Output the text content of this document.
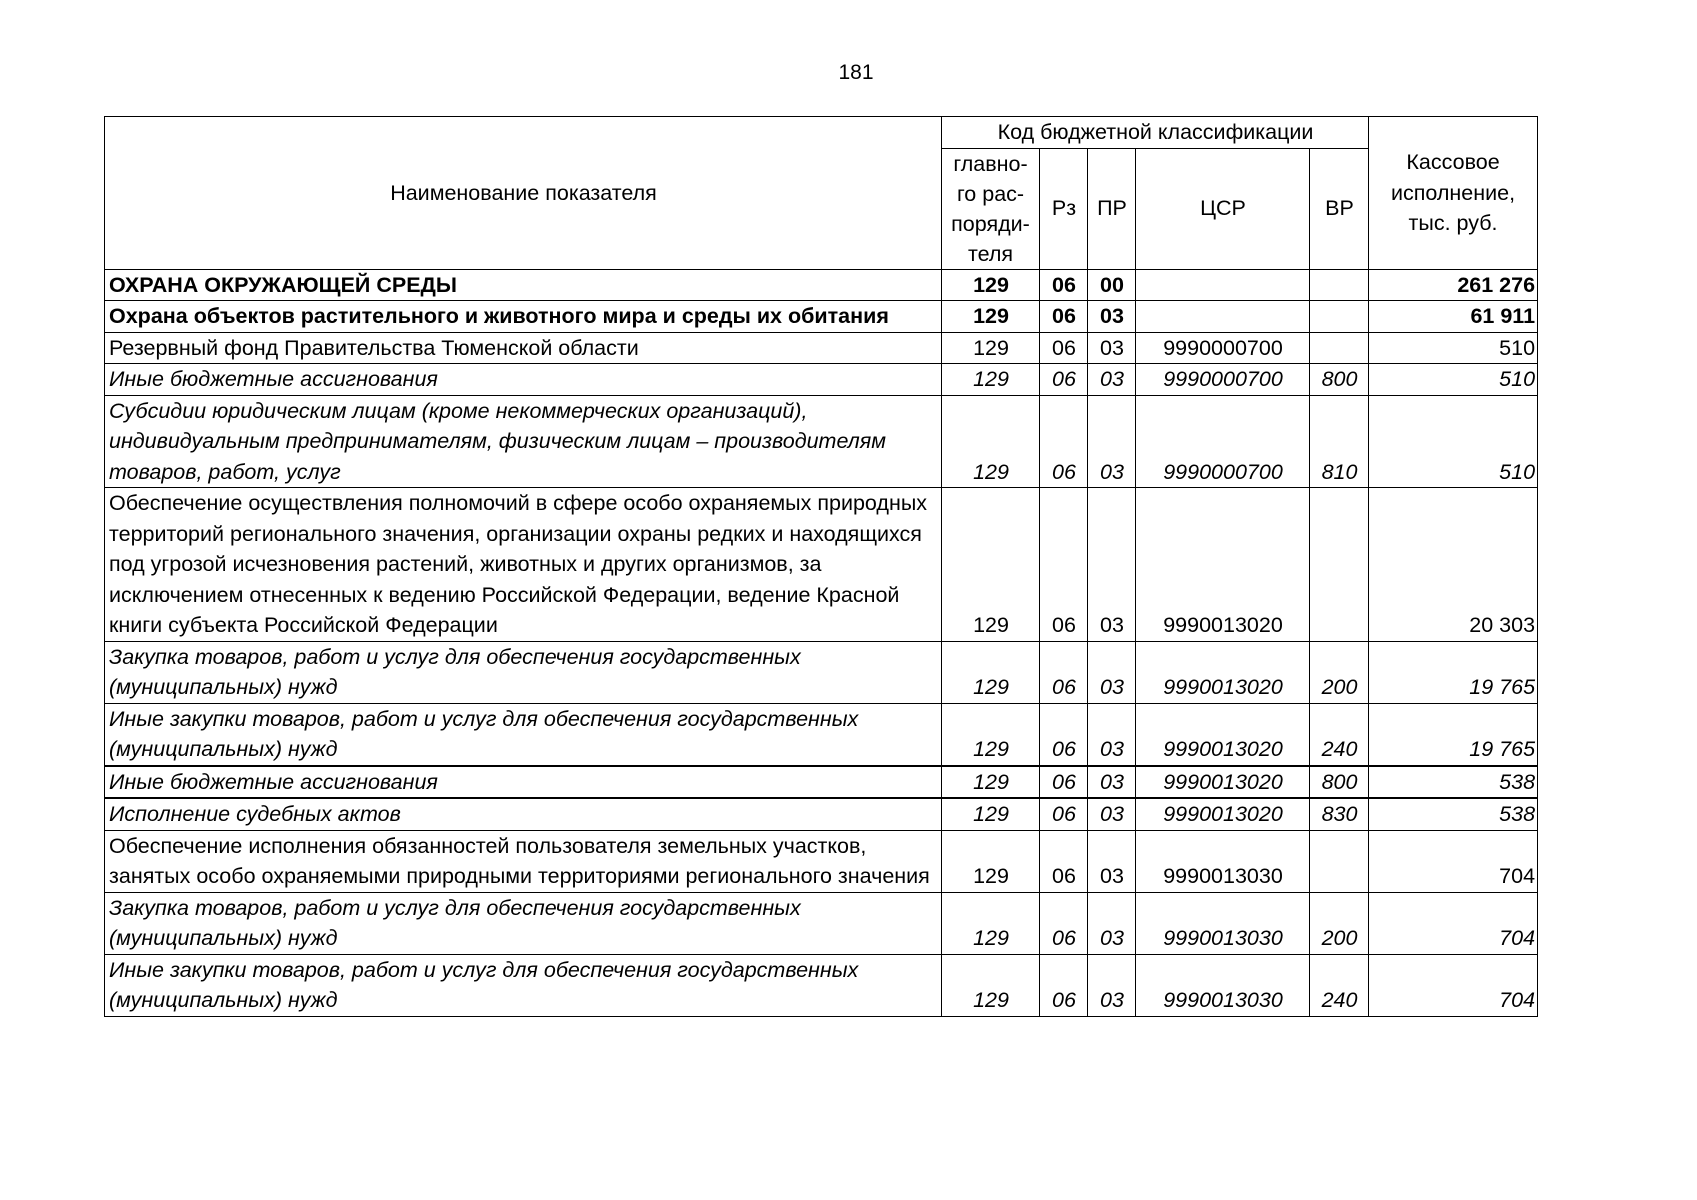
181
Наименование показателя	Код бюджетной классификации					Кассовое исполнение, тыс. руб.
	главно-го рас-поряди-теля	Рз	ПР	ЦСР	ВР	
ОХРАНА ОКРУЖАЮЩЕЙ СРЕДЫ	129	06	00			261 276
Охрана объектов растительного и животного мира и среды их обитания	129	06	03			61 911
Резервный фонд Правительства Тюменской области	129	06	03	9990000700		510
Иные бюджетные ассигнования	129	06	03	9990000700	800	510
Субсидии юридическим лицам (кроме некоммерческих организаций), индивидуальным предпринимателям, физическим лицам – производителям товаров, работ, услуг	129	06	03	9990000700	810	510
Обеспечение осуществления полномочий в сфере особо охраняемых природных территорий регионального значения, организации охраны редких и находящихся под угрозой исчезновения растений, животных и других организмов, за исключением отнесенных к ведению Российской Федерации, ведение Красной книги субъекта Российской Федерации	129	06	03	9990013020		20 303
Закупка товаров, работ и услуг для обеспечения государственных (муниципальных) нужд	129	06	03	9990013020	200	19 765
Иные закупки товаров, работ и услуг для обеспечения государственных (муниципальных) нужд	129	06	03	9990013020	240	19 765
Иные бюджетные ассигнования	129	06	03	9990013020	800	538
Исполнение судебных актов	129	06	03	9990013020	830	538
Обеспечение исполнения обязанностей пользователя земельных участков, занятых особо охраняемыми природными территориями регионального значения	129	06	03	9990013030		704
Закупка товаров, работ и услуг для обеспечения государственных (муниципальных) нужд	129	06	03	9990013030	200	704
Иные закупки товаров, работ и услуг для обеспечения государственных (муниципальных) нужд	129	06	03	9990013030	240	704
